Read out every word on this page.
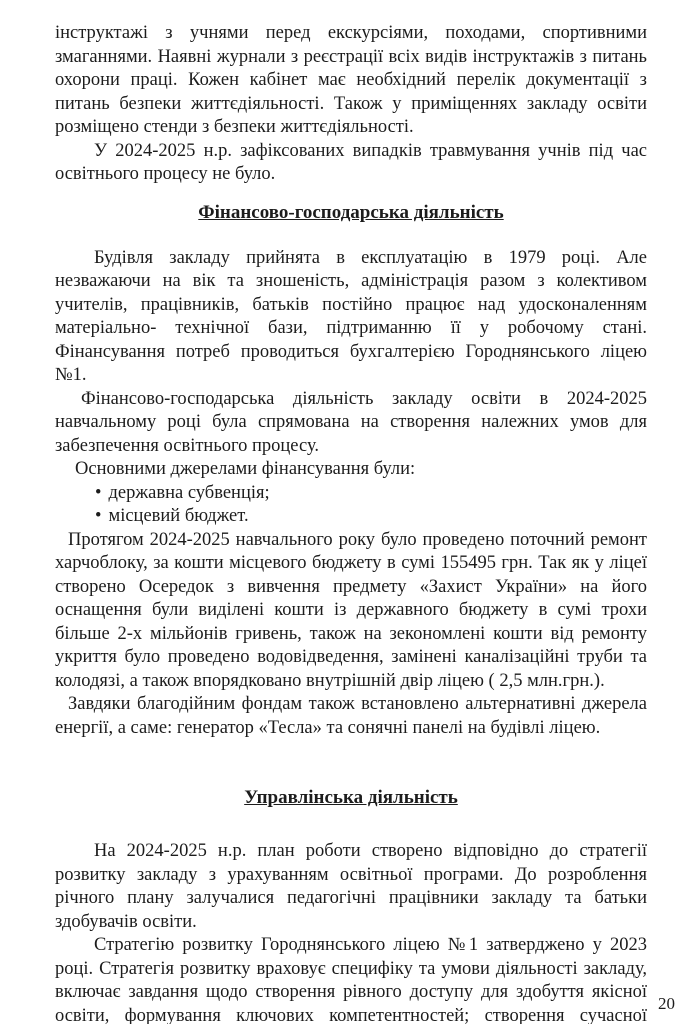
інструктажі з учнями перед екскурсіями, походами, спортивними змаганнями. Наявні журнали з реєстрації всіх видів інструктажів з питань охорони праці. Кожен кабінет має необхідний перелік документації з питань безпеки життєдіяльності. Також у приміщеннях закладу освіти розміщено стенди з безпеки життєдіяльності.

У 2024-2025 н.р. зафіксованих випадків травмування учнів під час освітнього процесу не було.

Фінансово-господарська діяльність

Будівля закладу прийнята в експлуатацію в 1979 році. Але незважаючи на вік та зношеність, адміністрація разом з колективом учителів, працівників, батьків постійно працює над удосконаленням матеріально- технічної бази, підтриманню її у робочому стані. Фінансування потреб проводиться бухгалтерією Городнянського ліцею №1.

Фінансово-господарська діяльність закладу освіти в 2024-2025 навчальному році була спрямована на створення належних умов для забезпечення освітнього процесу.

Основними джерелами фінансування були:

• державна субвенція;
• місцевий бюджет.

Протягом 2024-2025 навчального року було проведено поточний ремонт харчоблоку, за кошти місцевого бюджету в сумі 155495 грн. Так як у ліцеї створено Осередок з вивчення предмету «Захист України» на його оснащення були виділені кошти із державного бюджету в сумі трохи більше 2-х мільйонів гривень, також на зекономлені кошти від ремонту укриття було проведено водовідведення, замінені каналізаційні труби та колодязі, а також впорядковано внутрішній двір ліцею ( 2,5 млн.грн.).

Завдяки благодійним фондам також встановлено альтернативні джерела енергії, а саме: генератор «Тесла» та сонячні панелі на будівлі ліцею.

Управлінська діяльність

На 2024-2025 н.р. план роботи створено відповідно до стратегії розвитку закладу з урахуванням освітньої програми. До розроблення річного плану залучалися педагогічні працівники закладу та батьки здобувачів освіти.

Стратегію розвитку Городнянського ліцею №1 затверджено у 2023 році. Стратегія розвитку враховує специфіку та умови діяльності закладу, включає завдання щодо створення рівного доступу для здобуття якісної освіти, формування ключових компетентностей; створення сучасної

20
